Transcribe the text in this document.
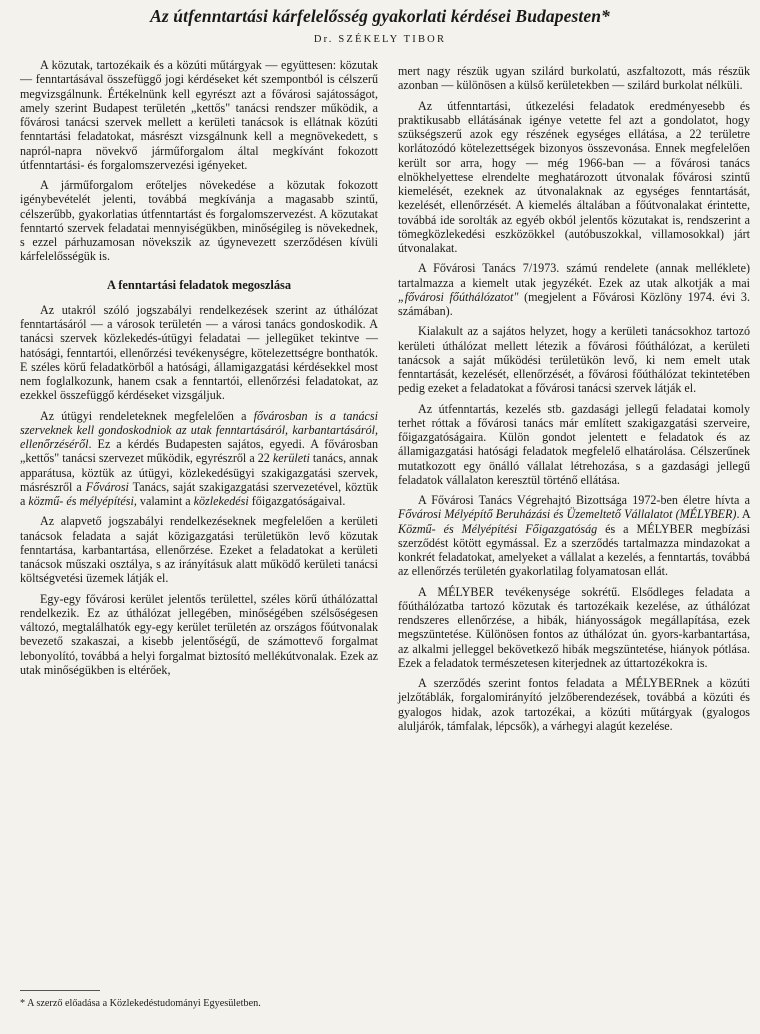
Az útfenntartási kárfelelősség gyakorlati kérdései Budapesten*
Dr. SZÉKELY TIBOR

A közutak, tartozékaik és a közúti műtárgyak — együttesen: közutak — fenntartásával összefüggő jogi kérdéseket két szempontból is célszerű megvizsgálnunk. Értékelnünk kell egyrészt azt a fővárosi sajátosságot, amely szerint Budapest területén „kettős" tanácsi rendszer működik, a fővárosi tanácsi szervek mellett a kerületi tanácsok is ellátnak közúti fenntartási feladatokat, másrészt vizsgálnunk kell a megnövekedett, s napról-napra növekvő járműforgalom által megkívánt fokozott útfenntartási- és forgalomszervezési igényeket.

A járműforgalom erőteljes növekedése a közutak fokozott igénybevételét jelenti, továbbá megkívánja a magasabb szintű, célszerűbb, gyakorlatias útfenntartást és forgalomszervezést. A közutakat fenntartó szervek feladatai mennyiségükben, minőségileg is növekednek, s ezzel párhuzamosan növekszik az úgynevezett szerződésen kívüli kárfelelősségük is.

A fenntartási feladatok megoszlása

Az utakról szóló jogszabályi rendelkezések szerint az úthálózat fenntartásáról — a városok területén — a városi tanács gondoskodik. A tanácsi szervek közlekedés-útügyi feladatai — jellegüket tekintve — hatósági, fenntartói, ellenőrzési tevékenységre, kötelezettségre bonthatók. E széles körű feladatkörből a hatósági, államigazgatási kérdésekkel most nem foglalkozunk, hanem csak a fenntartói, ellenőrzési feladatokat, az ezekkel összefüggő kérdéseket vizsgáljuk.

Az útügyi rendeleteknek megfelelően a fővárosban is a tanácsi szerveknek kell gondoskodniok az utak fenntartásáról, karbantartásáról, ellenőrzéséről. Ez a kérdés Budapesten sajátos, egyedi. A fővárosban „kettős" tanácsi szervezet működik, egyrészről a 22 kerületi tanács, annak apparátusa, köztük az útügyi, közlekedésügyi szakigazgatási szervek, másrészről a Fővárosi Tanács, saját szakigazgatási szervezetével, köztük a közmű- és mélyépítési, valamint a közlekedési főigazgatóságaival.

Az alapvető jogszabályi rendelkezéseknek megfelelően a kerületi tanácsok feladata a saját közigazgatási területükön levő közutak fenntartása, karbantartása, ellenőrzése. Ezeket a feladatokat a kerületi tanácsok műszaki osztálya, s az irányításuk alatt működő kerületi tanácsi költségvetési üzemek látják el.

Egy-egy fővárosi kerület jelentős területtel, széles körű úthálózattal rendelkezik. Ez az úthálózat jellegében, minőségében szélsőségesen változó, megtalálhatók egy-egy kerület területén az országos főútvonalak bevezető szakaszai, a kisebb jelentőségű, de számottevő forgalmat lebonyolító, továbbá a helyi forgalmat biztosító mellékútvonalak. Ezek az utak minőségükben is eltérőek,

* A szerző előadása a Közlekedéstudományi Egyesületben.

mert nagy részük ugyan szilárd burkolatú, aszfaltozott, más részük azonban — különösen a külső kerületekben — szilárd burkolat nélküli.

Az útfenntartási, útkezelési feladatok eredményesebb és praktikusabb ellátásának igénye vetette fel azt a gondolatot, hogy szükségszerű azok egy részének egységes ellátása, a 22 területre korlátozódó kötelezettségek bizonyos összevonása. Ennek megfelelően került sor arra, hogy — még 1966-ban — a fővárosi tanács elnökhelyettese elrendelte meghatározott útvonalak fővárosi szintű kiemelését, ezeknek az útvonalaknak az egységes fenntartását, kezelését, ellenőrzését. A kiemelés általában a főútvonalakat érintette, továbbá ide sorolták az egyéb okból jelentős közutakat is, rendszerint a tömegközlekedési eszközökkel (autóbuszokkal, villamosokkal) járt útvonalakat.

A Fővárosi Tanács 7/1973. számú rendelete (annak melléklete) tartalmazza a kiemelt utak jegyzékét. Ezek az utak alkotják a mai „fővárosi főúthálózatot" (megjelent a Fővárosi Közlöny 1974. évi 3. számában).

Kialakult az a sajátos helyzet, hogy a kerületi tanácsokhoz tartozó kerületi úthálózat mellett létezik a fővárosi főúthálózat, a kerületi tanácsok a saját működési területükön levő, ki nem emelt utak fenntartását, kezelését, ellenőrzését, a fővárosi főúthálózat tekintetében pedig ezeket a feladatokat a fővárosi tanácsi szervek látják el.

Az útfenntartás, kezelés stb. gazdasági jellegű feladatai komoly terhet róttak a fővárosi tanács már említett szakigazgatási szerveire, főigazgatóságaira. Külön gondot jelentett e feladatok és az államigazgatási hatósági feladatok megfelelő elhatárolása. Célszerűnek mutatkozott egy önálló vállalat létrehozása, s a gazdasági jellegű feladatok vállalaton keresztül történő ellátása.

A Fővárosi Tanács Végrehajtó Bizottsága 1972-ben életre hívta a Fővárosi Mélyépítő Beruházási és Üzemeltető Vállalatot (MÉLYBER). A Közmű- és Mélyépítési Főigazgatóság és a MÉLYBER megbízási szerződést kötött egymással. Ez a szerződés tartalmazza mindazokat a konkrét feladatokat, amelyeket a vállalat a kezelés, a fenntartás, továbbá az ellenőrzés területén gyakorlatilag folyamatosan ellát.

A MÉLYBER tevékenysége sokrétű. Elsődleges feladata a főúthálózatba tartozó közutak és tartozékaik kezelése, az úthálózat rendszeres ellenőrzése, a hibák, hiányosságok megállapítása, ezek megszüntetése. Különösen fontos az úthálózat ún. gyors-karbantartása, az alkalmi jelleggel bekövetkező hibák megszüntetése, hiányok pótlása. Ezek a feladatok természetesen kiterjednek az úttartozékokra is.

A szerződés szerint fontos feladata a MÉLYBERnek a közúti jelzőtáblák, forgalomirányító jelzőberendezések, továbbá a közúti és gyalogos hidak, azok tartozékai, a közúti műtárgyak (gyalogos aluljárók, támfalak, lépcsők), a várhegyi alagút kezelése.
